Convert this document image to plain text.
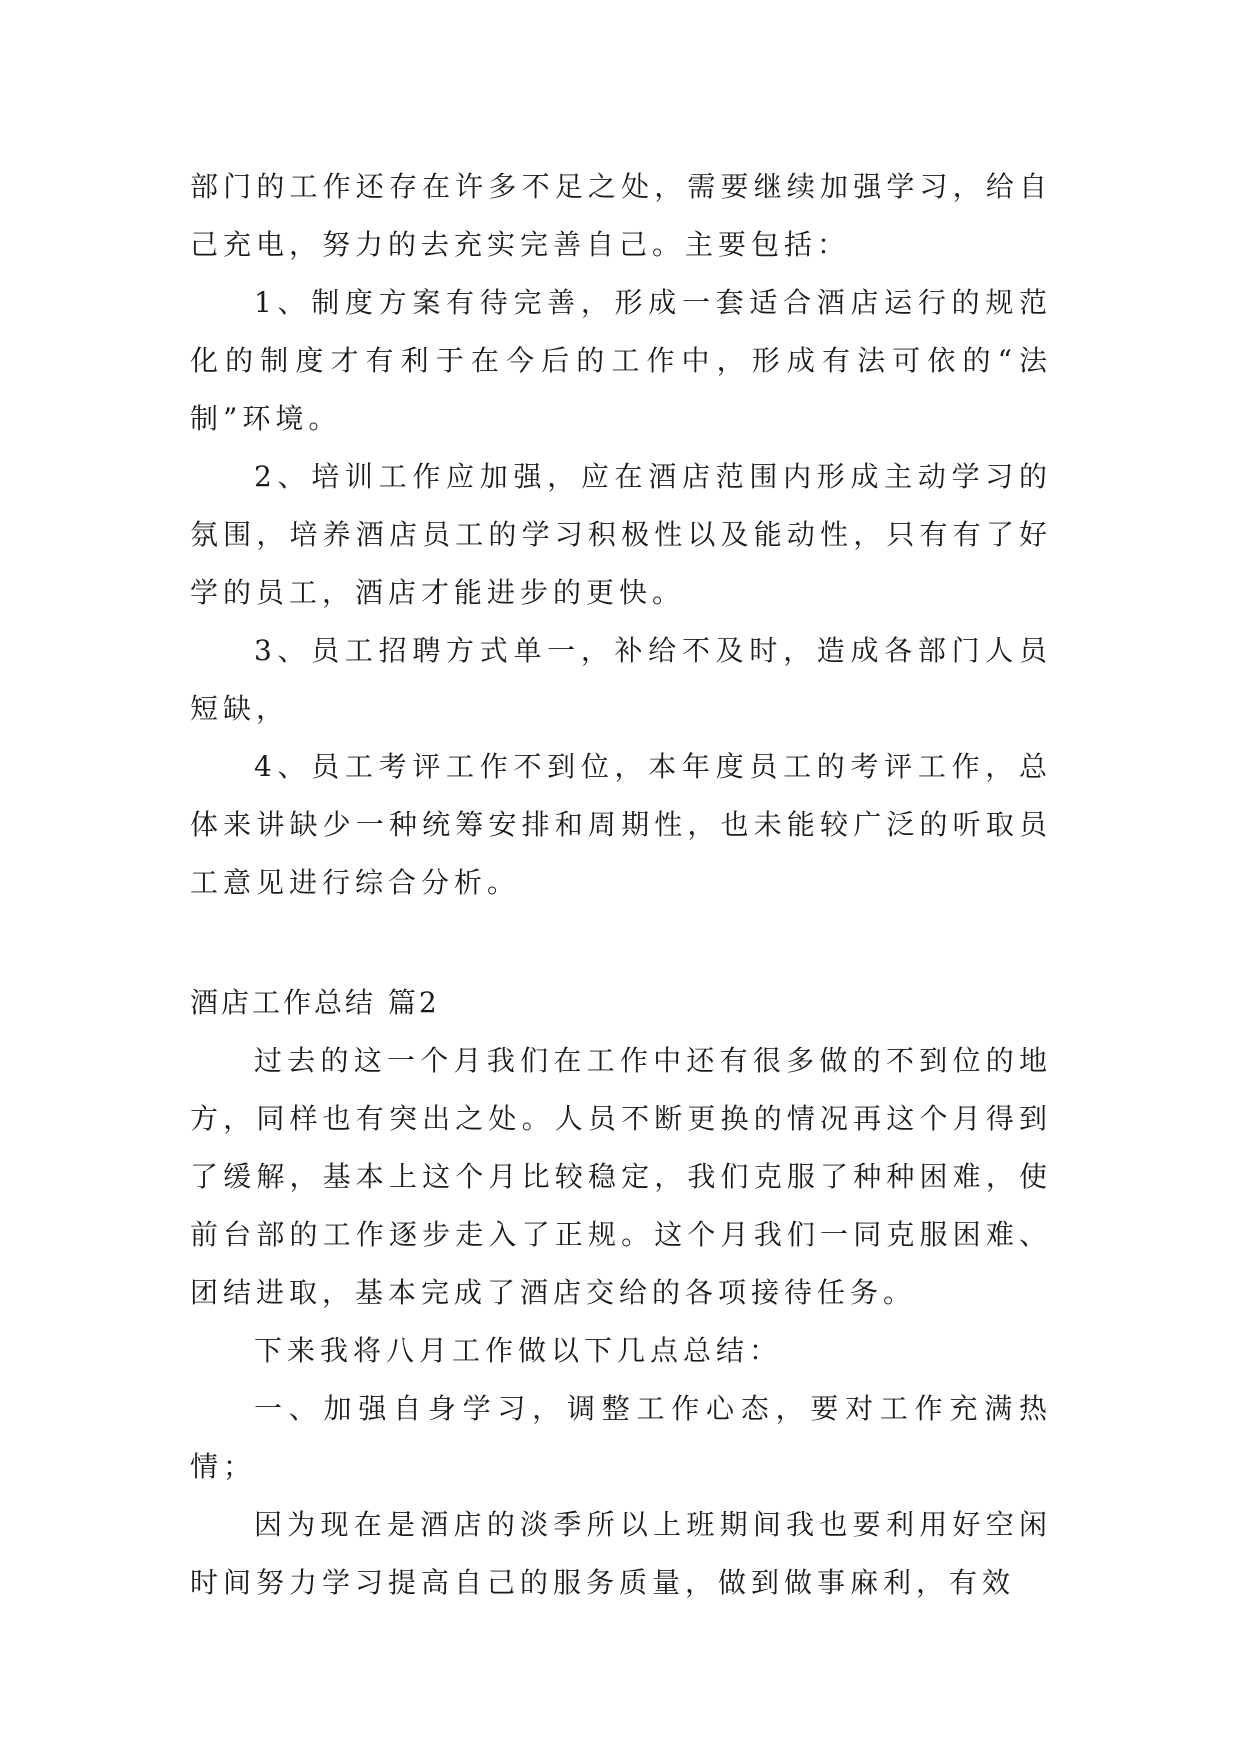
部门的工作还存在许多不足之处，需要继续加强学习，给自己充电，努力的去充实完善自己。主要包括：

1、制度方案有待完善，形成一套适合酒店运行的规范化的制度才有利于在今后的工作中，形成有法可依的“法制”环境。

2、培训工作应加强，应在酒店范围内形成主动学习的氛围，培养酒店员工的学习积极性以及能动性，只有有了好学的员工，酒店才能进步的更快。

3、员工招聘方式单一，补给不及时，造成各部门人员短缺，

4、员工考评工作不到位，本年度员工的考评工作，总体来讲缺少一种统筹安排和周期性，也未能较广泛的听取员工意见进行综合分析。

酒店工作总结 篇2

过去的这一个月我们在工作中还有很多做的不到位的地方，同样也有突出之处。人员不断更换的情况再这个月得到了缓解，基本上这个月比较稳定，我们克服了种种困难，使前台部的工作逐步走入了正规。这个月我们一同克服困难、团结进取，基本完成了酒店交给的各项接待任务。

下来我将八月工作做以下几点总结：

一、加强自身学习，调整工作心态，要对工作充满热情；

因为现在是酒店的淡季所以上班期间我也要利用好空闲时间努力学习提高自己的服务质量，做到做事麻利，有效
